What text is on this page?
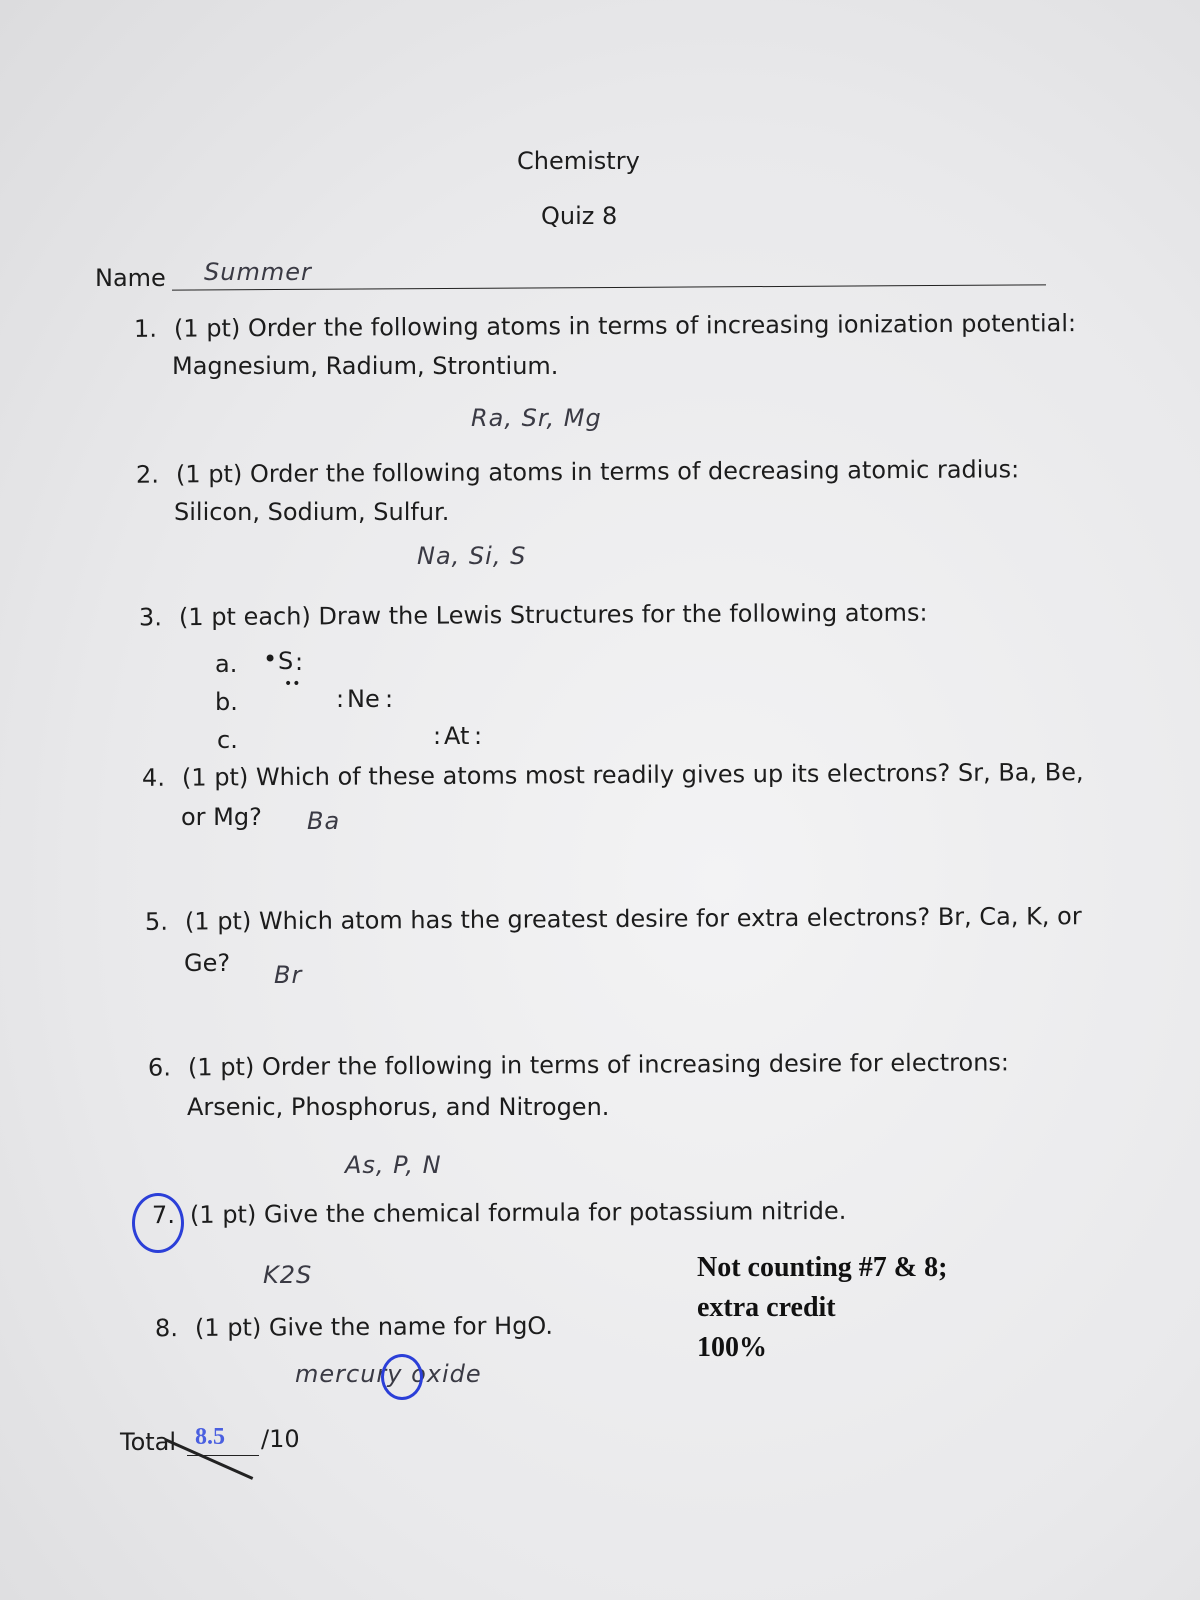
Chemistry
Quiz 8
Name Summer
1. (1 pt) Order the following atoms in terms of increasing ionization potential:
Magnesium, Radium, Strontium.
Ra, Sr, Mg
2. (1 pt) Order the following atoms in terms of decreasing atomic radius:
Silicon, Sodium, Sulfur.
Na, Si, S
3. (1 pt each) Draw the Lewis Structures for the following atoms:
a. • S :
••
b.	: Ne :
c.	: At :
4. (1 pt) Which of these atoms most readily gives up its electrons? Sr, Ba, Be,
or Mg? Ba
5. (1 pt) Which atom has the greatest desire for extra electrons? Br, Ca, K, or
Ge? Br
6. (1 pt) Order the following in terms of increasing desire for electrons:
Arsenic, Phosphorus, and Nitrogen.
As, P, N
7. (1 pt) Give the chemical formula for potassium nitride.
K2S	Not counting #7 & 8;
extra credit
100%
8. (1 pt) Give the name for HgO.
mercury oxide
Total 8.5 /10
